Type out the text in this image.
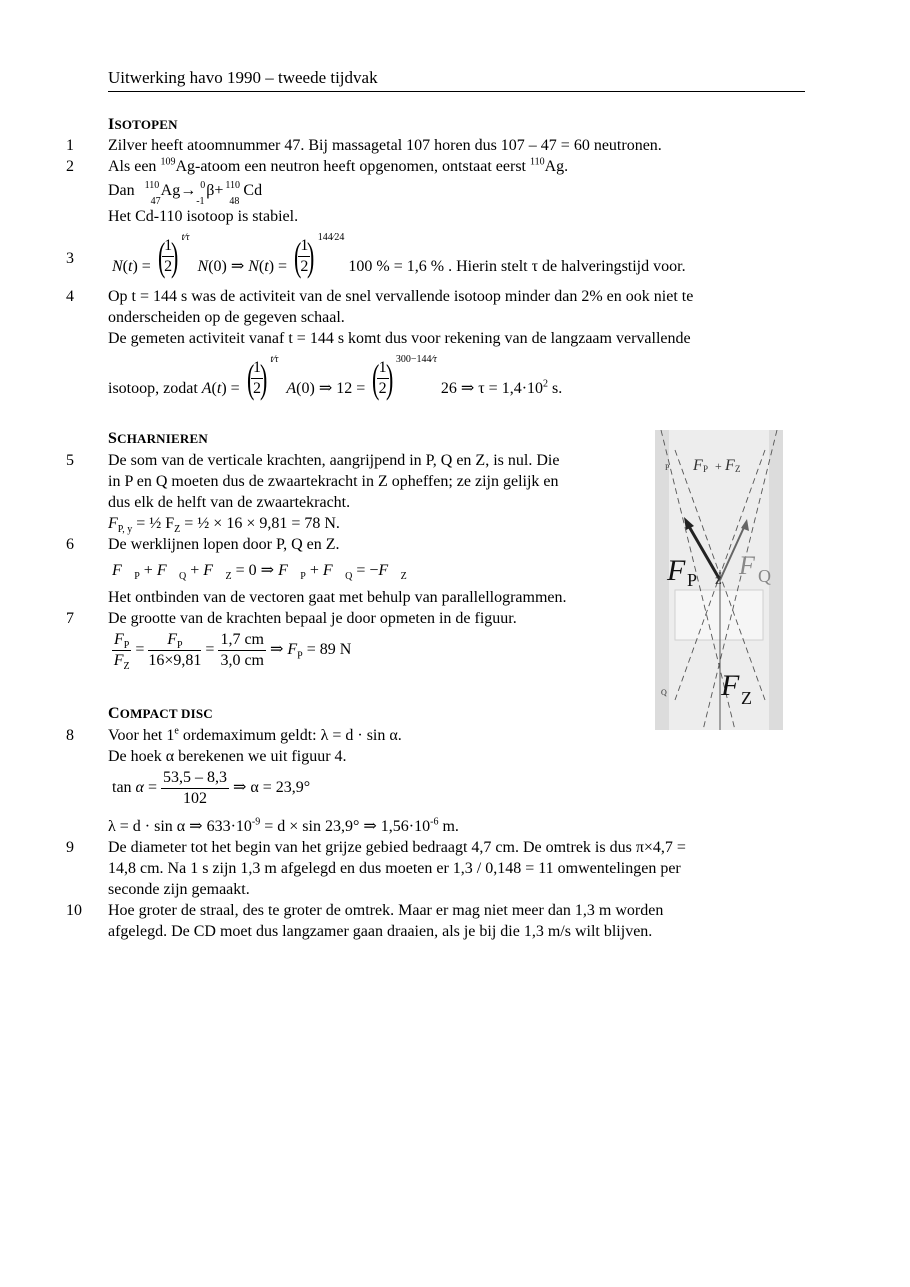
Uitwerking havo 1990 – tweede tijdvak
ISOTOPEN
1 Zilver heeft atoomnummer 47. Bij massagetal 107 horen dus 107 – 47 = 60 neutronen.
2 Als een $^{109}$Ag-atoom een neutron heeft opgenomen, ontstaat eerst $^{110}$Ag.
Dan 110
47
Ag→ 0
-1
β+ 110
48
Cd
Het Cd-110 isotoop is stabiel.
3 N(t) = (
$\frac{1}{2}$
) $^{t⁄\tau}$ N(0) ⇒ N(t) = (
$\frac{1}{2}$
) $^{144⁄24}$ 100 % = 1,6 % . Hierin stelt τ de halveringstijd voor.
4 Op t = 144 s was de activiteit van de snel vervallende isotoop minder dan 2% en ook niet te
onderscheiden op de gegeven schaal.
De gemeten activiteit vanaf t = 144 s komt dus voor rekening van de langzaam vervallende
isotoop, zodat A(t) = (
$\frac{1}{2}$
) $^{t⁄\tau}$ A(0) ⇒ 12 = (
$\frac{1}{2}$
) $^{300-144⁄\tau}$ 26 ⇒ $\tau = 1,4\cdot 10^2$ s.
SCHARNIEREN
5 De som van de verticale krachten, aangrijpend in P, Q en Z, is nul. Die
in P en Q moeten dus de zwaartekracht in Z opheffen; ze zijn gelijk en
dus elk de helft van de zwaartekracht.
$F_{P, y}$ = ½ $F_Z$ = ½ × 16 × 9,81 = 78 N.
6 De werklijnen lopen door P, Q en Z.
$F⃗_P$ + $F⃗_Q$ + $F⃗_Z = 0$ ⇒ $F⃗_P$ + $F⃗_Q$ = $-F⃗_Z$
Het ontbinden van de vectoren gaat met behulp van parallellogrammen.
7 De grootte van de krachten bepaal je door opmeten in de figuur.
$\frac{F_P}{F_Z} = \frac{F_P}{16\times 9,81} = \frac{1,7 cm}{3,0 cm}$ ⇒ $F_P = 89$ N
P F P + F Z
F P Z
F Q
F Z
Q
COMPACT DISC
8 Voor het 1e ordemaximum geldt: λ = d · sin α.
De hoek α berekenen we uit figuur 4.
$\tan \alpha = \frac{53,5 - 8,3}{102}$ ⇒ α = 23,9°
λ = d · sin α ⇒ $633\cdot 10^{-9} = d \times \sin 23,9^\circ$ ⇒ $1,56\cdot 10^{-6}$ m.
9 De diameter tot het begin van het grijze gebied bedraagt 4,7 cm. De omtrek is dus π×4,7 =
14,8 cm. Na 1 s zijn 1,3 m afgelegd en dus moeten er 1,3 / 0,148 = 11 omwentelingen per
seconde zijn gemaakt.
10 Hoe groter de straal, des te groter de omtrek. Maar er mag niet meer dan 1,3 m worden
afgelegd. De CD moet dus langzamer gaan draaien, als je bij die 1,3 m/s wilt blijven.
